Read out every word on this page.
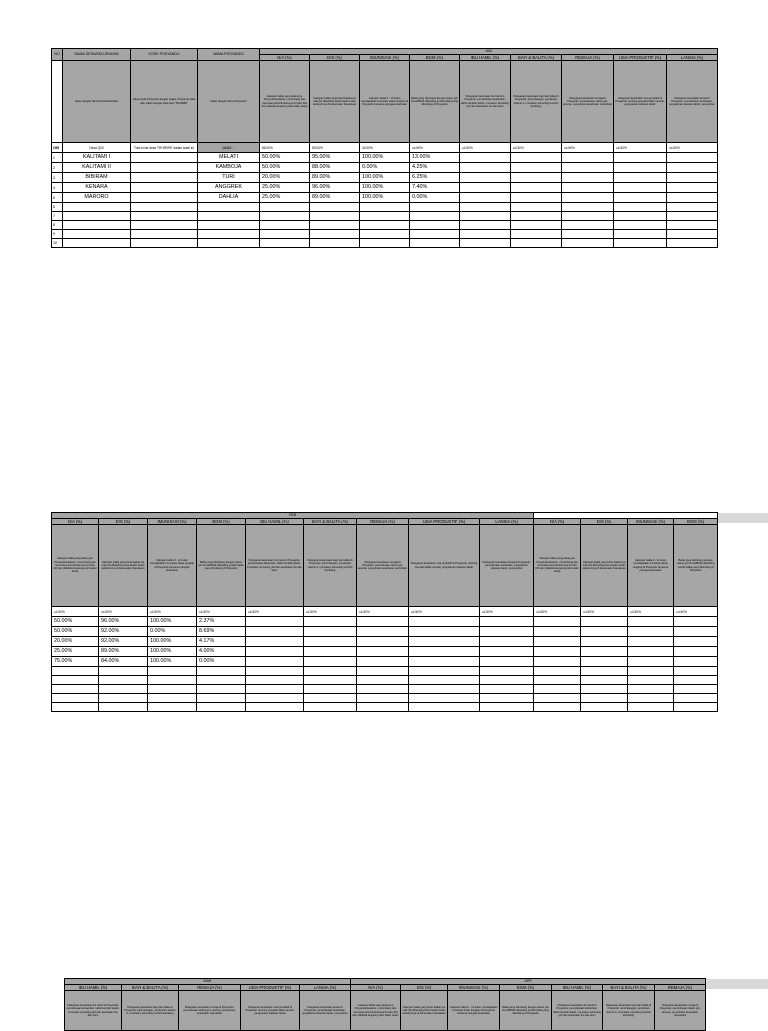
NO	NAMA DESA/KELURAHAN	KODE POSYANDU	NAMA POSYANDU	JAN								
				N/A (%)	D/S (%)	IMUNISASI (%)	BGM (%)	IBU HAMIL (%)	BAYI & BALITA (%)	REMAJA (%)	USIA PRODUKTIF (%)	LANSIA (%)
	Isikan dengan Nama Desa/Kelurahan	Isikan Kode Posyandu dengan angka, Posyandu tidak ada, isikan dengan kode baru "99.99999"	Isikan dengan Nama Posyandu	Cakupan balita yang datang ke Posyandu/sasaran, menimbang dan mencatat pertumbuhannya di buku KIA dan (dikelola langsung oleh kader desa)	Cakupan balita yang berat badannya naik (N) dibanding berat badan bulan sebelumnya di kecamatan Kepulauan	Cakupan balita 0 - 11 bulan mendapatkan imunisasi dasar lengkap di Posyandu bersama petugas kesehatan	Balita yang ditimbang dengan status gizi buruk/BGM dibanding jumlah balita yang ditimbang di Posyandu	Pelayanan kesehatan ibu hamil di Posyandu: pemeriksaan kehamilan, tablet tambah darah, imunisasi, konseling gizi dan kesehatan ibu dan janin	Pelayanan kesehatan bayi dan balita di Posyandu: penimbangan, pemberian vitamin A, imunisasi, konseling tumbuh kembang	Pelayanan kesehatan remaja di Posyandu: pemeriksaan status gizi, anemia, penyuluhan kesehatan reproduksi	Pelayanan kesehatan usia produktif di Posyandu: skrining penyakit tidak menular, pengukuran tekanan darah	Pelayanan kesehatan lansia di Posyandu: pemeriksaan kesehatan, pengukuran tekanan darah, penyuluhan
OB	Desa Q00	Tulis kode desa "99.99999" dalam tabel ini	NAMA ...	85.00%	59.00%	40.00%	≤4.50%	≤4.50%	≤4.50%	≤4.50%	≤4.50%	≤4.50%
1	KALITAMI I		MELATI	50.00%	95.00%	100.00%	13.00%					
2	KALITAMI II		KAMBOJA	50.00%	88.00%	0.00%	4.25%					
3	BIBIRAM		TURI	20.00%	89.00%	100.00%	6.25%					
4	KENARA		ANGGREK	25.00%	96.00%	100.00%	7.40%					
5	MARORO		DAHLIA	25.00%	89.00%	100.00%	0.00%					
6												
7												
8												
9												
10												
FEB												
N/A (%)	D/S (%)	IMUNISASI (%)	BGM (%)	IBU HAMIL (%)	BAYI & BALITA (%)	REMAJA (%)	USIA PRODUKTIF (%)	LANSIA (%)	N/A (%)	D/S (%)	IMUNISASI (%)	BGM (%)
Cakupan balita yang datang ke Posyandu/sasaran, menimbang dan mencatat pertumbuhannya di buku KIA dan (dikelola langsung oleh kader desa)	Cakupan balita yang berat badannya naik (N) dibanding berat badan bulan sebelumnya di kecamatan Kepulauan	Cakupan balita 0 - 11 bulan mendapatkan imunisasi dasar lengkap di Posyandu bersama petugas kesehatan	Balita yang ditimbang dengan status gizi buruk/BGM dibanding jumlah balita yang ditimbang di Posyandu	Pelayanan kesehatan ibu hamil di Posyandu: pemeriksaan kehamilan, tablet tambah darah, imunisasi, konseling gizi dan kesehatan ibu dan janin	Pelayanan kesehatan bayi dan balita di Posyandu: penimbangan, pemberian vitamin A, imunisasi, konseling tumbuh kembang	Pelayanan kesehatan remaja di Posyandu: pemeriksaan status gizi, anemia, penyuluhan kesehatan reproduksi	Pelayanan kesehatan usia produktif di Posyandu: skrining penyakit tidak menular, pengukuran tekanan darah	Pelayanan kesehatan lansia di Posyandu: pemeriksaan kesehatan, pengukuran tekanan darah, penyuluhan	Cakupan balita yang datang ke Posyandu/sasaran, menimbang dan mencatat pertumbuhannya di buku KIA dan (dikelola langsung oleh kader desa)	Cakupan balita yang berat badannya naik (N) dibanding berat badan bulan sebelumnya di kecamatan Kepulauan	Cakupan balita 0 - 11 bulan mendapatkan imunisasi dasar lengkap di Posyandu bersama petugas kesehatan	Balita yang ditimbang dengan status gizi buruk/BGM dibanding jumlah balita yang ditimbang di Posyandu
≤4.50%	≤4.50%	≤4.50%	≤4.50%	≤4.50%	≤4.50%	≤4.50%	≤4.50%	≤4.50%	≤4.50%	≤4.50%	≤4.50%	≤4.50%
50.00%	96.00%	100.00%	2.37%									
50.00%	92.00%	0.00%	8.69%									
20.00%	92.00%	100.00%	4.17%									
25.00%	89.00%	100.00%	4.00%									
75.00%	84.00%	100.00%	0.00%									

MAR					APR						
IBU HAMIL (%)	BAYI & BALITA (%)	REMAJA (%)	USIA PRODUKTIF (%)	LANSIA (%)	N/A (%)	D/S (%)	IMUNISASI (%)	BGM (%)	IBU HAMIL (%)	BAYI & BALITA (%)	REMAJA (%)
Pelayanan kesehatan ibu hamil di Posyandu: pemeriksaan kehamilan, tablet tambah darah, imunisasi, konseling gizi dan kesehatan ibu dan janin	Pelayanan kesehatan bayi dan balita di Posyandu: penimbangan, pemberian vitamin A, imunisasi, konseling tumbuh kembang	Pelayanan kesehatan remaja di Posyandu: pemeriksaan status gizi, anemia, penyuluhan kesehatan reproduksi	Pelayanan kesehatan usia produktif di Posyandu: skrining penyakit tidak menular, pengukuran tekanan darah	Pelayanan kesehatan lansia di Posyandu: pemeriksaan kesehatan, pengukuran tekanan darah, penyuluhan	Cakupan balita yang datang ke Posyandu/sasaran, menimbang dan mencatat pertumbuhannya di buku KIA dan (dikelola langsung oleh kader desa)	Cakupan balita yang berat badannya naik (N) dibanding berat badan bulan sebelumnya di kecamatan Kepulauan	Cakupan balita 0 - 11 bulan mendapatkan imunisasi dasar lengkap di Posyandu bersama petugas kesehatan	Balita yang ditimbang dengan status gizi buruk/BGM dibanding jumlah balita yang ditimbang di Posyandu	Pelayanan kesehatan ibu hamil di Posyandu: pemeriksaan kehamilan, tablet tambah darah, imunisasi, konseling gizi dan kesehatan ibu dan janin	Pelayanan kesehatan bayi dan balita di Posyandu: penimbangan, pemberian vitamin A, imunisasi, konseling tumbuh kembang	Pelayanan kesehatan remaja di Posyandu: pemeriksaan status gizi, anemia, penyuluhan kesehatan reproduksi
